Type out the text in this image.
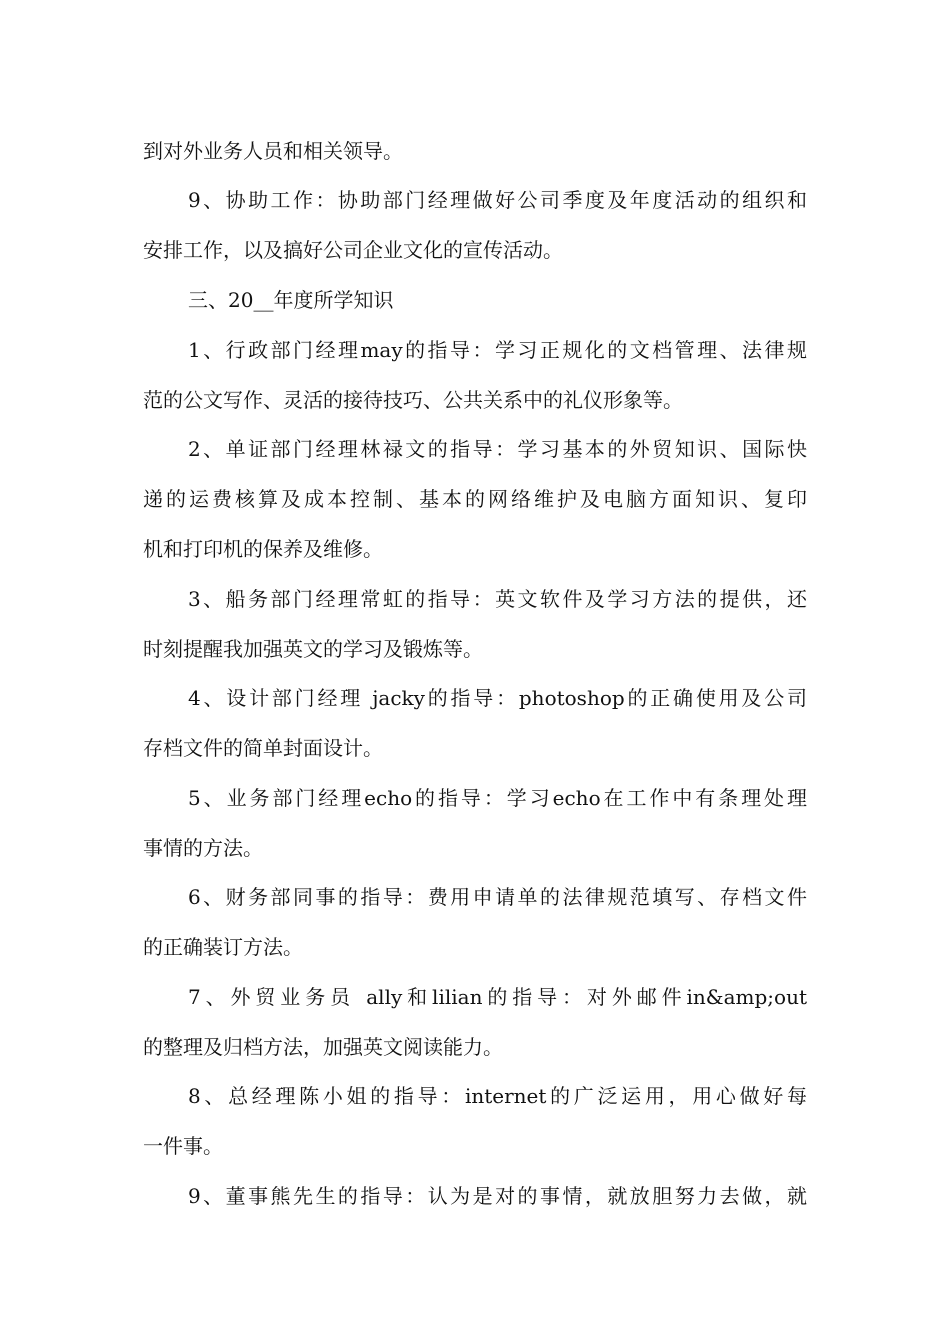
到对外业务人员和相关领导。
9、协助工作：协助部门经理做好公司季度及年度活动的组织和
安排工作，以及搞好公司企业文化的宣传活动。
三、20__年度所学知识
1、行政部门经理may的指导：学习正规化的文档管理、法律规
范的公文写作、灵活的接待技巧、公共关系中的礼仪形象等。
2、单证部门经理林禄文的指导：学习基本的外贸知识、国际快
递的运费核算及成本控制、基本的网络维护及电脑方面知识、复印
机和打印机的保养及维修。
3、船务部门经理常虹的指导：英文软件及学习方法的提供，还
时刻提醒我加强英文的学习及锻炼等。
4、设计部门经理 jacky的指导：photoshop的正确使用及公司
存档文件的简单封面设计。
5、业务部门经理echo的指导：学习echo在工作中有条理处理
事情的方法。
6、财务部同事的指导：费用申请单的法律规范填写、存档文件
的正确装订方法。
7、外贸业务员 ally和lilian的指导：对外邮件in&amp;out
的整理及归档方法，加强英文阅读能力。
8、总经理陈小姐的指导：internet的广泛运用，用心做好每
一件事。
9、董事熊先生的指导：认为是对的事情，就放胆努力去做，就
